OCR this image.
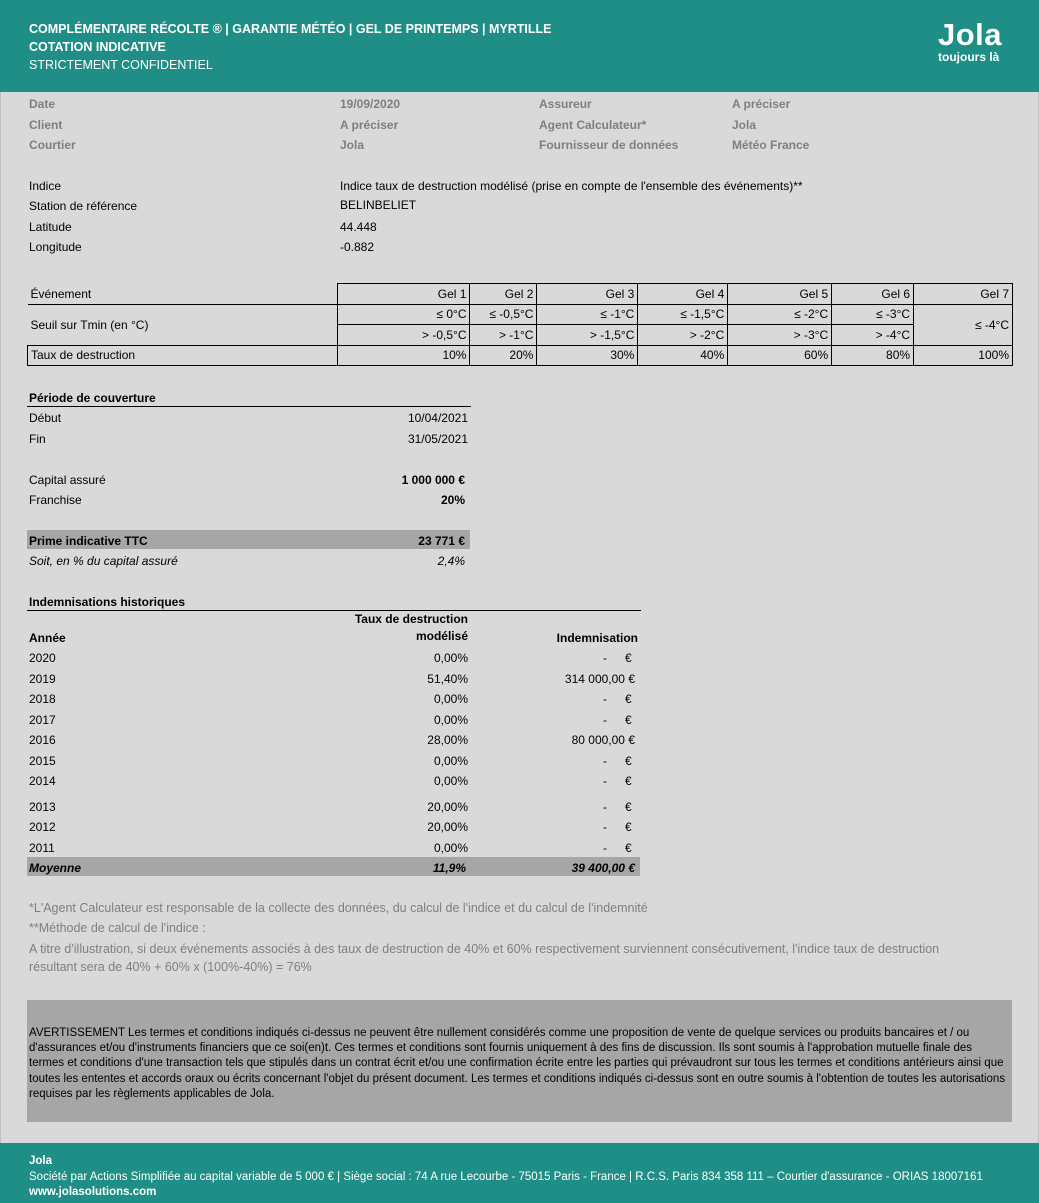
COMPLÉMENTAIRE RÉCOLTE ® | GARANTIE MÉTÉO | GEL DE PRINTEMPS | MYRTILLE
COTATION INDICATIVE
STRICTEMENT CONFIDENTIEL
Jola
toujours là
Date	19/09/2020	Assureur	A préciser
Client	A préciser	Agent Calculateur*	Jola
Courtier	Jola	Fournisseur de données	Météo France
Indice	Indice taux de destruction modélisé (prise en compte de l'ensemble des événements)**
Station de référence	BELINBELIET
Latitude	44.448
Longitude	-0.882
Événement	Gel 1	Gel 2	Gel 3	Gel 4	Gel 5	Gel 6	Gel 7
Seuil sur Tmin (en °C)	≤ 0°C	≤ -0,5°C	≤ -1°C	≤ -1,5°C	≤ -2°C	≤ -3°C	≤ -4°C
	> -0,5°C	> -1°C	> -1,5°C	> -2°C	> -3°C	> -4°C	
Taux de destruction	10%	20%	30%	40%	60%	80%	100%
Période de couverture
Début	10/04/2021
Fin	31/05/2021
Capital assuré	1 000 000 €
Franchise	20%
Prime indicative TTC	23 771 €
Soit, en % du capital assuré	2,4%
Indemnisations historiques
Taux de destruction
Année	modélisé	Indemnisation
2020	0,00%	- €
2019	51,40%	314 000,00 €
2018	0,00%	- €
2017	0,00%	- €
2016	28,00%	80 000,00 €
2015	0,00%	- €
2014	0,00%	- €
2013	20,00%	- €
2012	20,00%	- €
2011	0,00%	- €
Moyenne	11,9%	39 400,00 €
*L'Agent Calculateur est responsable de la collecte des données, du calcul de l'indice et du calcul de l'indemnité
**Méthode de calcul de l'indice :
A titre d'illustration, si deux événements associés à des taux de destruction de 40% et 60% respectivement surviennent consécutivement, l'indice taux de destruction
résultant sera de 40% + 60% x (100%-40%) = 76%

AVERTISSEMENT Les termes et conditions indiqués ci-dessus ne peuvent être nullement considérés comme une proposition de vente de quelque services ou produits bancaires et / ou d'assurances et/ou d'instruments financiers que ce soi(en)t. Ces termes et conditions sont fournis uniquement à des fins de discussion. Ils sont soumis à l'approbation mutuelle finale des termes et conditions d'une transaction tels que stipulés dans un contrat écrit et/ou une confirmation écrite entre les parties qui prévaudront sur tous les termes et conditions antérieurs ainsi que toutes les ententes et accords oraux ou écrits concernant l'objet du présent document. Les termes et conditions indiqués ci-dessus sont en outre soumis à l'obtention de toutes les autorisations requises par les règlements applicables de Jola.

Jola
Société par Actions Simplifiée au capital variable de 5 000 € | Siège social : 74 A rue Lecourbe - 75015 Paris - France | R.C.S. Paris 834 358 111 – Courtier d'assurance - ORIAS 18007161
www.jolasolutions.com
